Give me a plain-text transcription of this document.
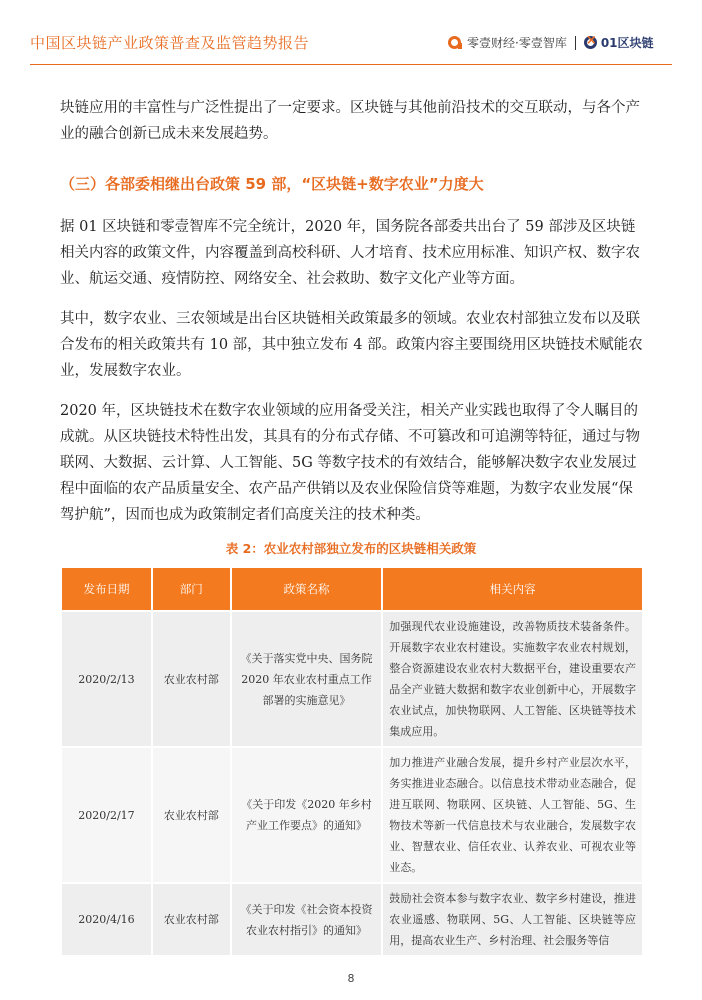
中国区块链产业政策普查及监管趋势报告	零壹财经·零壹智库 ×	01区块链

块链应用的丰富性与广泛性提出了一定要求。区块链与其他前沿技术的交互联动，与各个产业的融合创新已成未来发展趋势。

（三）各部委相继出台政策 59 部，“区块链+数字农业”力度大

据 01 区块链和零壹智库不完全统计，2020 年，国务院各部委共出台了 59 部涉及区块链相关内容的政策文件，内容覆盖到高校科研、人才培育、技术应用标准、知识产权、数字农业、航运交通、疫情防控、网络安全、社会救助、数字文化产业等方面。

其中，数字农业、三农领域是出台区块链相关政策最多的领域。农业农村部独立发布以及联合发布的相关政策共有 10 部，其中独立发布 4 部。政策内容主要围绕用区块链技术赋能农业，发展数字农业。

2020 年，区块链技术在数字农业领域的应用备受关注，相关产业实践也取得了令人瞩目的成就。从区块链技术特性出发，其具有的分布式存储、不可篡改和可追溯等特征，通过与物联网、大数据、云计算、人工智能、5G 等数字技术的有效结合，能够解决数字农业发展过程中面临的农产品质量安全、农产品产供销以及农业保险信贷等难题，为数字农业发展“保驾护航”，因而也成为政策制定者们高度关注的技术种类。

表 2：农业农村部独立发布的区块链相关政策
发布日期	部门	政策名称	相关内容
2020/2/13	农业农村部	《关于落实党中央、国务院 2020 年农业农村重点工作部署的实施意见》	加强现代农业设施建设，改善物质技术装备条件。开展数字农业农村建设。实施数字农业农村规划，整合资源建设农业农村大数据平台，建设重要农产品全产业链大数据和数字农业创新中心，开展数字农业试点，加快物联网、人工智能、区块链等技术集成应用。
2020/2/17	农业农村部	《关于印发《2020 年乡村产业工作要点》的通知》	加力推进产业融合发展，提升乡村产业层次水平，务实推进业态融合。以信息技术带动业态融合，促进互联网、物联网、区块链、人工智能、5G、生物技术等新一代信息技术与农业融合，发展数字农业、智慧农业、信任农业、认养农业、可视农业等业态。
2020/4/16	农业农村部	《关于印发《社会资本投资农业农村指引》的通知》	鼓励社会资本参与数字农业、数字乡村建设，推进农业遥感、物联网、5G、人工智能、区块链等应用，提高农业生产、乡村治理、社会服务等信
8
